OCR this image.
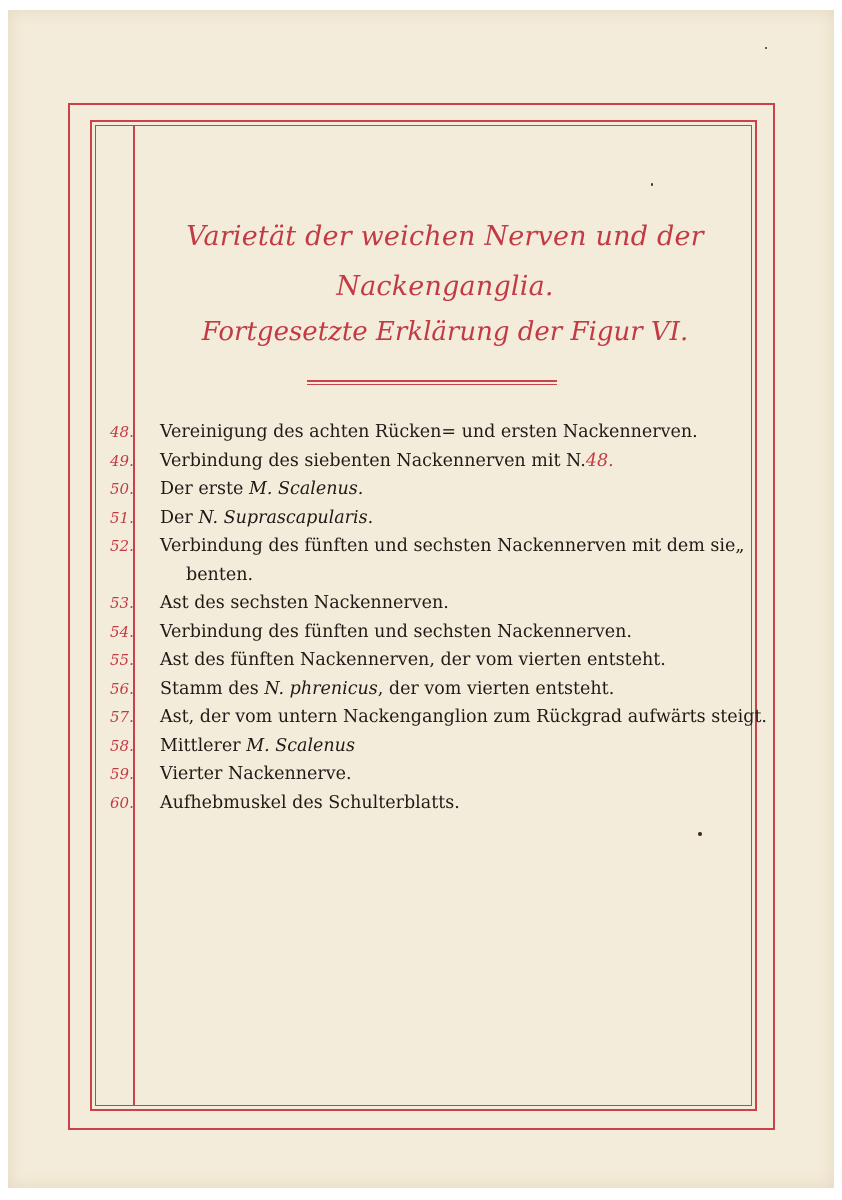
Varietät der weichen Nerven und der Nackenganglia.
Fortgesetzte Erklärung der Figur VI.
48.	Vereinigung des achten Rücken= und ersten Nackennerven.
49.	Verbindung des siebenten Nackennerven mit N.48.
50.	Der erste M. Scalenus.
51.	Der N. Suprascapularis.
52.	Verbindung des fünften und sechsten Nackennerven mit dem sie„
benten.
53.	Ast des sechsten Nackennerven.
54.	Verbindung des fünften und sechsten Nackennerven.
55.	Ast des fünften Nackennerven, der vom vierten entsteht.
56.	Stamm des N. phrenicus, der vom vierten entsteht.
57.	Ast, der vom untern Nackenganglion zum Rückgrad aufwärts steigt.
58.	Mittlerer M. Scalenus
59.	Vierter Nackennerve.
60.	Aufhebmuskel des Schulterblatts.
